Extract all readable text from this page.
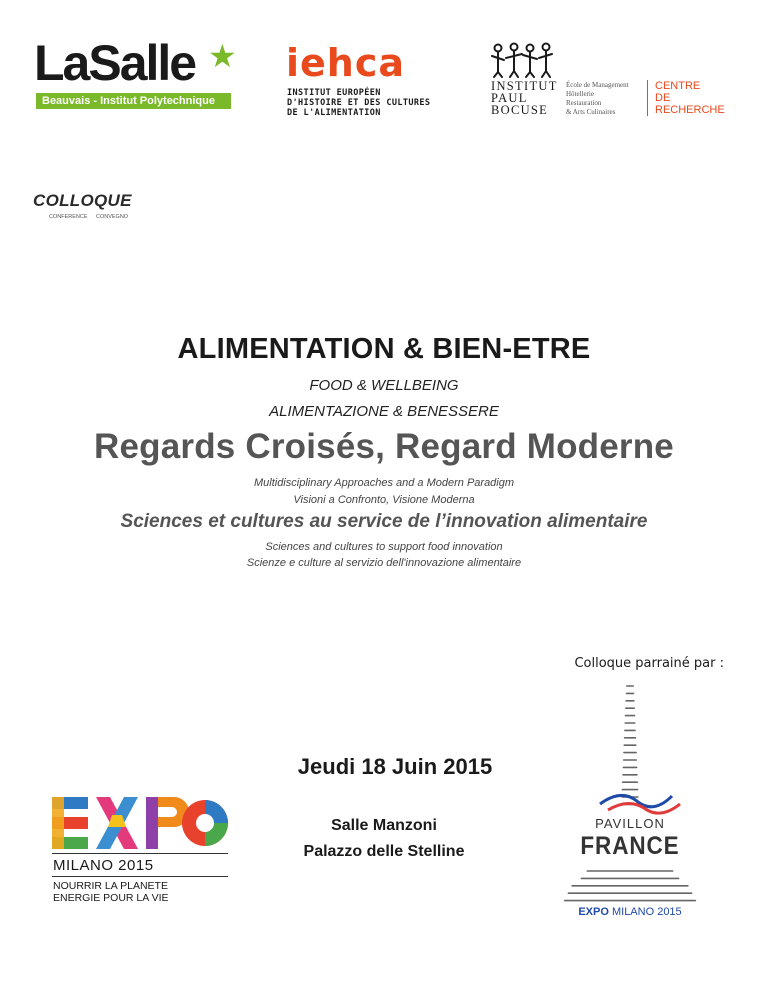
LaSalle ★
Beauvais - Institut Polytechnique
iehca
INSTITUT EUROPÉEN
D'HISTOIRE ET DES CULTURES
DE L'ALIMENTATION
INSTITUT
PAUL
BOCUSE
École de Management
Hôtellerie
Restauration
& Arts Culinaires
CENTRE
DE
RECHERCHE
COLLOQUE
CONFERENCE CONVEGNO
ALIMENTATION & BIEN-ETRE
FOOD & WELLBEING
ALIMENTAZIONE & BENESSERE
Regards Croisés, Regard Moderne
Multidisciplinary Approaches and a Modern Paradigm
Visioni a Confronto, Visione Moderna
Sciences et cultures au service de l’innovation alimentaire
Sciences and cultures to support food innovation
Scienze e culture al servizio dell'innovazione alimentaire
Colloque parrainé par :
Jeudi 18 Juin 2015
Salle Manzoni
Palazzo delle Stelline
MILANO 2015
NOURRIR LA PLANETE
ENERGIE POUR LA VIE
PAVILLON
FRANCE
EXPO MILANO 2015
